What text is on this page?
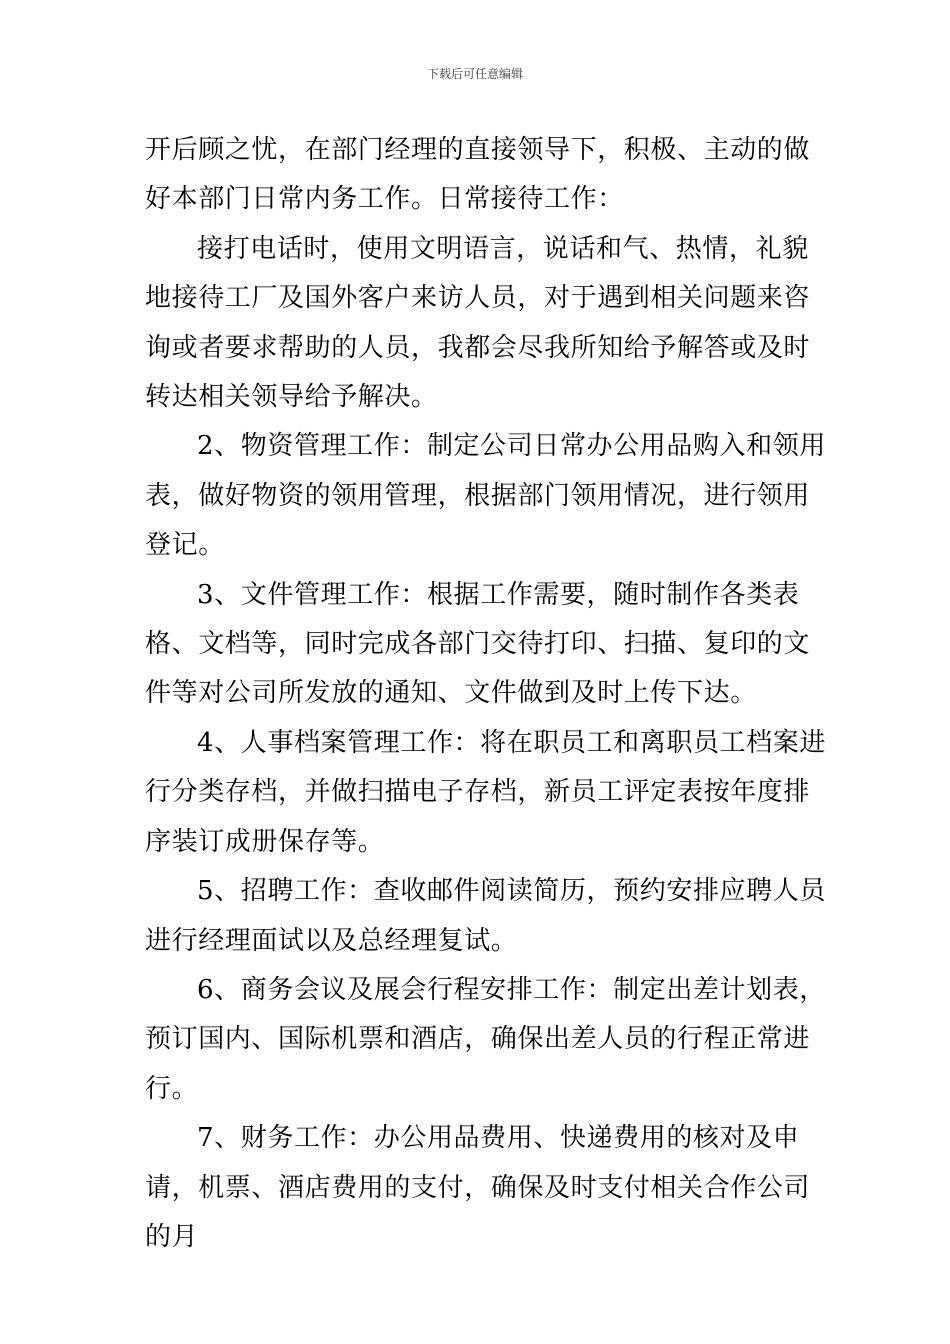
下载后可任意编辑

开后顾之忧，在部门经理的直接领导下，积极、主动的做好本部门日常内务工作。日常接待工作：

接打电话时，使用文明语言，说话和气、热情，礼貌地接待工厂及国外客户来访人员，对于遇到相关问题来咨询或者要求帮助的人员，我都会尽我所知给予解答或及时转达相关领导给予解决。

2、物资管理工作：制定公司日常办公用品购入和领用表，做好物资的领用管理，根据部门领用情况，进行领用登记。

3、文件管理工作：根据工作需要，随时制作各类表格、文档等，同时完成各部门交待打印、扫描、复印的文件等对公司所发放的通知、文件做到及时上传下达。

4、人事档案管理工作：将在职员工和离职员工档案进行分类存档，并做扫描电子存档，新员工评定表按年度排序装订成册保存等。

5、招聘工作：查收邮件阅读简历，预约安排应聘人员进行经理面试以及总经理复试。

6、商务会议及展会行程安排工作：制定出差计划表，预订国内、国际机票和酒店，确保出差人员的行程正常进行。

7、财务工作：办公用品费用、快递费用的核对及申请，机票、酒店费用的支付，确保及时支付相关合作公司的月
